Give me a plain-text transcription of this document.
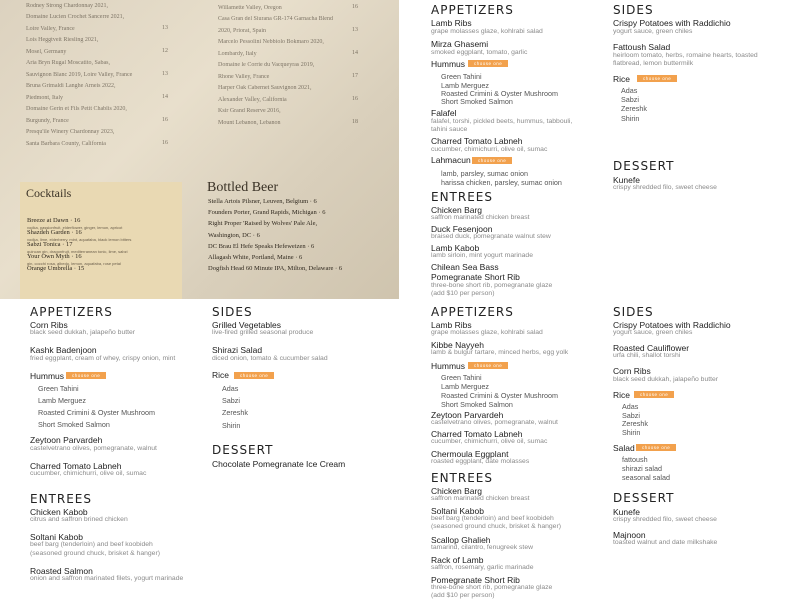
Rodney Strong Chardonnay 2021,
Domaine Lucien Crochet Sancerre 2021,
Loire Valley, France	13
Lois Heggtveit Riesling 2021,
Mosel, Germany	12
Aria Bryn Rugal Moscatito, Sabas,
Sauvignon Blanc 2019, Loire Valley, France	13
Bruna Grimaldi Langhe Arneis 2022,
Piedmont, Italy	14
Domaine Gerin et Fils Petit Chablis 2020,
Burgundy, France	16
Presqu'ile Winery Chardonnay 2023,
Santa Barbara County, California	16
Willamette Valley, Oregon	16
Casa Gran del Siurana GR-174 Garnacha Blend
2020, Priorat, Spain	13
Marcelo Pessolini Nebbiolo Bokmaro 2020,
Lombardy, Italy	14
Domaine le Corrie du Vacqueyras 2019,
Rhone Valley, France	17
Harper Oak Cabernet Sauvignon 2021,
Alexander Valley, California	16
Ksir Grand Reserve 2016,
Mount Lebanon, Lebanon	18
Cocktails
Breeze at Dawn · 16
vodka, passionfruit, elderflower, ginger, lemon, apricot
Shazdeh Garden · 16
vodka, lime, elderberry, mint, aquafaba, black lemon bitters
Sabzi Tonica · 17
quincan gin, dragonfruit, mediterranean tonic, lime, sabzi
Your Own Myth · 16
gin, cocchi rosa, albedo, lemon, aquafaba, rose petal
Orange Umbrella · 15
Bottled Beer
Stella Artois Pilsner, Leuven, Belgium · 6
Founders Porter, Grand Rapids, Michigan · 6
Right Proper 'Raised by Wolves' Pale Ale,
Washington, DC · 6
DC Brau El Hefe Speaks Hefeweizen · 6
Allagash White, Portland, Maine · 6
Dogfish Head 60 Minute IPA, Milton, Delaware · 6
APPETIZERS
Lamb Ribs
grape molasses glaze, kohlrabi salad
Mirza Ghasemi
smoked eggplant, tomato, garlic
Hummus	choose one
Green Tahini
Lamb Merguez
Roasted Crimini & Oyster Mushroom
Short Smoked Salmon
Falafel
falafel, torshi, pickled beets, hummus, tabbouli,
tahini sauce
Charred Tomato Labneh
cucumber, chimichurri, olive oil, sumac
Lahmacun	choose one
lamb, parsley, sumac onion
harissa chicken, parsley, sumac onion
ENTREES
Chicken Barg
saffron marinated chicken breast
Duck Fesenjoon
braised duck, pomegranate walnut stew
Lamb Kabob
lamb sirloin, mint yogurt marinade
Chilean Sea Bass
Pomegranate Short Rib
three-bone short rib, pomegranate glaze
(add $10 per person)
SIDES
Crispy Potatoes with Raddichio
yogurt sauce, green chiles
Fattoush Salad
heirloom tomato, herbs, romaine hearts, toasted
flatbread, lemon buttermilk
Rice	choose one
Adas
Sabzi
Zereshk
Shirin
DESSERT
Kunefe
crispy shredded filo, sweet cheese
APPETIZERS
Corn Ribs
black seed dukkah, jalapeño butter
Kashk Badenjoon
fried eggplant, cream of whey, crispy onion, mint
Hummus	choose one
Green Tahini
Lamb Merguez
Roasted Crimini & Oyster Mushroom
Short Smoked Salmon
Zeytoon Parvardeh
castelvetrano olives, pomegranate, walnut
Charred Tomato Labneh
cucumber, chimichurri, olive oil, sumac
ENTREES
Chicken Kabob
citrus and saffron brined chicken
Soltani Kabob
beef barg (tenderloin) and beef koobideh
(seasoned ground chuck, brisket & hanger)
Roasted Salmon
onion and saffron marinated filets, yogurt marinade
SIDES
Grilled Vegetables
live-fired grilled seasonal produce
Shirazi Salad
diced onion, tomato & cucumber salad
Rice	choose one
Adas
Sabzi
Zereshk
Shirin
DESSERT
Chocolate Pomegranate Ice Cream
APPETIZERS
Lamb Ribs
grape molasses glaze, kohlrabi salad
Kibbe Nayyeh
lamb & bulgur tartare, minced herbs, egg yolk
Hummus	choose one
Green Tahini
Lamb Merguez
Roasted Crimini & Oyster Mushroom
Short Smoked Salmon
Zeytoon Parvardeh
castelvetrano olives, pomegranate, walnut
Charred Tomato Labneh
cucumber, chimichurri, olive oil, sumac
Chermoula Eggplant
roasted eggplant, date molasses
ENTREES
Chicken Barg
saffron marinated chicken breast
Soltani Kabob
beef barg (tenderloin) and beef koobideh
(seasoned ground chuck, brisket & hanger)
Scallop Ghalieh
tamarind, cilantro, fenugreek stew
Rack of Lamb
saffron, rosemary, garlic marinade
Pomegranate Short Rib
three-bone short rib, pomegranate glaze
(add $10 per person)
SIDES
Crispy Potatoes with Raddichio
yogurt sauce, green chiles
Roasted Cauliflower
urfa chili, shallot torshi
Corn Ribs
black seed dukkah, jalapeño butter
Rice	choose one
Adas
Sabzi
Zereshk
Shirin
Salad	choose one
fattoush
shirazi salad
seasonal salad
DESSERT
Kunefe
crispy shredded filo, sweet cheese
Majnoon
toasted walnut and date milkshake
